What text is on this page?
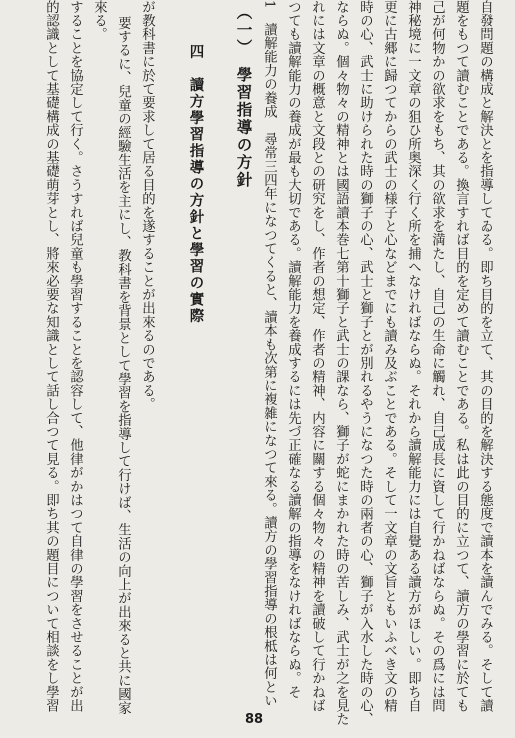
自發問題の構成と解決とを指導してゐる。即ち目的を立て、其の目的を解決する態度で讀本を讀んでみる。そして讀
題をもつて讀むことである。換言すれば目的を定めて讀むことである。私は此の目的に立つて、讀方の學習に於ても
己が何物かの欲求をもち、其の欲求を満たし、自己の生命に觸れ、自己成長に資して行かねばならぬ。その爲には問
神秘境に一文章の狙ひ所奥深く行く所を捕へなければならぬ。それから讀解能力には自覺ある讀方がほしい。即ち自
更に古郷に歸つてからの武士の様子と心などまでにも讀み及ぶことである。そして一文章の文旨ともいふべき文の精
時の心、武士に助けられた時の獅子の心、武士と獅子とが別れるやうになつた時の兩者の心、獅子が入水した時の心、
ならぬ。個々物々の精神とは國語讀本巻七第十獅子と武士の課なら、獅子が蛇にまかれた時の苦しみ、武士が之を見た
れには文章の概意と文段との研究をし、作者の想定、作者の精神、内容に關する個々物々の精神を讀破して行かねば
つても讀解能力の養成が最も大切である。讀解能力を養成するには先づ正確なる讀解の指導をなければならぬ。そ
1　讀解能力の養成　尋常三四年になつてくると、讀本も次第に複雑になつて來る。讀方の學習指導の根柢は何とい
（一）　學習指導の方針
四　讀方學習指導の方針と學習の實際
が教科書に於て要求して居る目的を遂することが出來るのである。
要するに、兒童の經驗生活を主にし、教科書を背景として學習を指導して行けば、生活の向上が出來ると共に國家
來る。
することを協定して行く。さうすれば兒童も學習することを認容して、他律がかはつて自律の學習をさせることが出
的認識として基礎構成の基礎萌芽とし、將來必要な知識として話し合つて見る。即ち其の題目について相談をし學習
88
